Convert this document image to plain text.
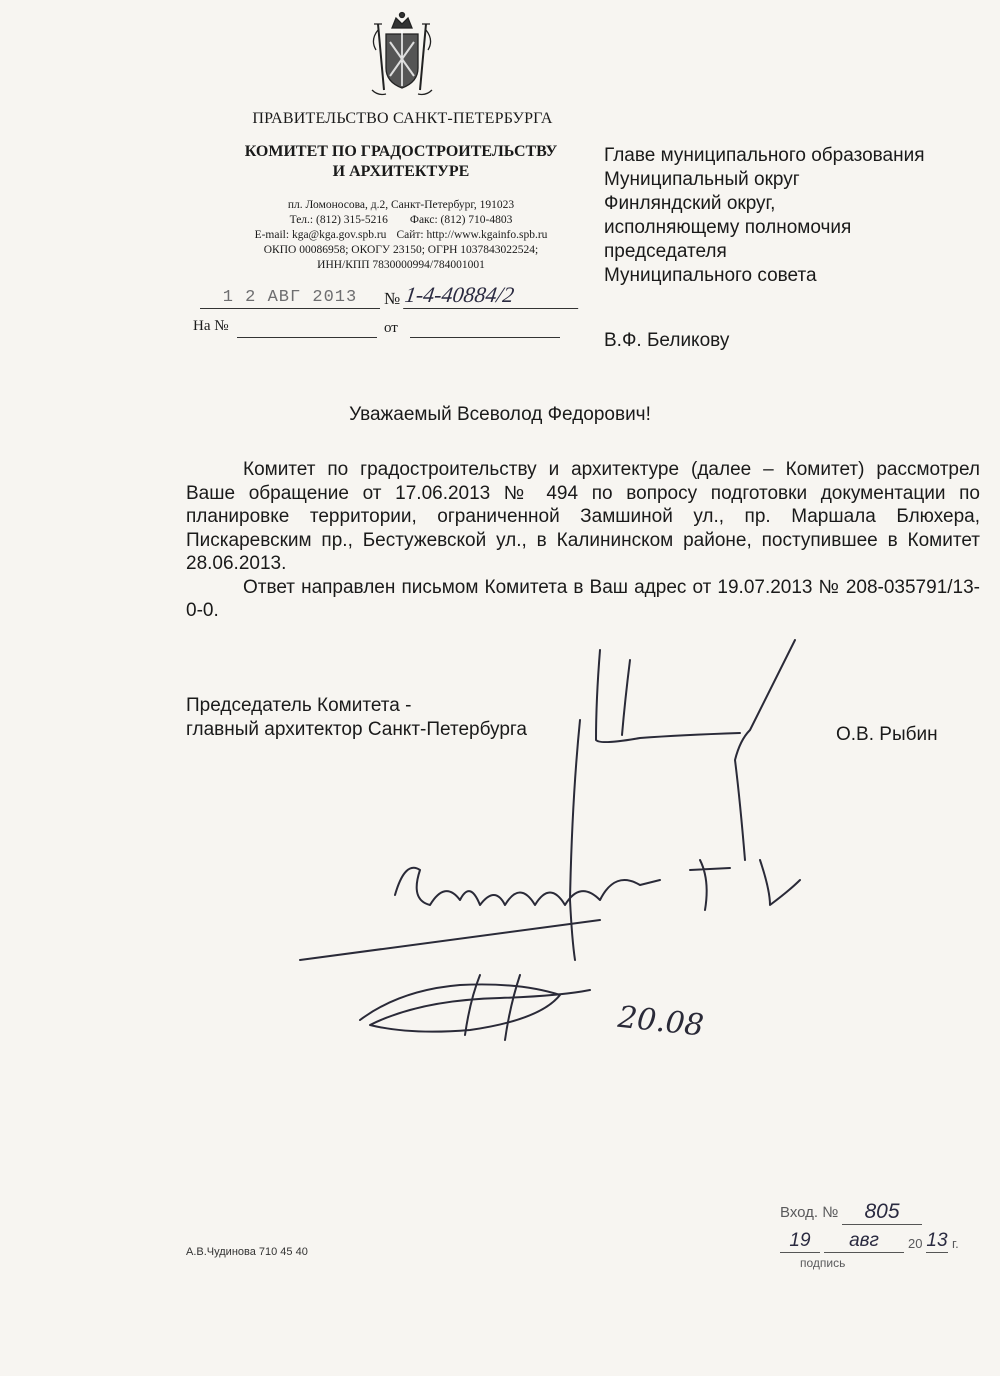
ПРАВИТЕЛЬСТВО САНКТ-ПЕТЕРБУРГА
КОМИТЕТ ПО ГРАДОСТРОИТЕЛЬСТВУ
И АРХИТЕКТУРЕ
пл. Ломоносова, д.2, Санкт-Петербург, 191023
Тел.: (812) 315-5216 Факс: (812) 710-4803
E-mail: kga@kga.gov.spb.ru Сайт: http://www.kgainfo.spb.ru
ОКПО 00086958; ОКОГУ 23150; ОГРН 1037843022524;
ИНН/КПП 7830000994/784001001
1 2 АВГ 2013	№ 1-4-40884/2
На №	от
Главе муниципального образования
Муниципальный округ
Финляндский округ,
исполняющему полномочия
председателя
Муниципального совета
В.Ф. Беликову
Уважаемый Всеволод Федорович!

Комитет по градостроительству и архитектуре (далее – Комитет) рассмотрел Ваше обращение от 17.06.2013 № 494 по вопросу подготовки документации по планировке территории, ограниченной Замшиной ул., пр. Маршала Блюхера, Пискаревским пр., Бестужевской ул., в Калининском районе, поступившее в Комитет 28.06.2013.

Ответ направлен письмом Комитета в Ваш адрес от 19.07.2013 № 208-035791/13-0-0.

Председатель Комитета -
главный архитектор Санкт-Петербурга	О.В. Рыбин
20.08
Вход. №	805
19	авг	20 13 г.
подпись
А.В.Чудинова 710 45 40
